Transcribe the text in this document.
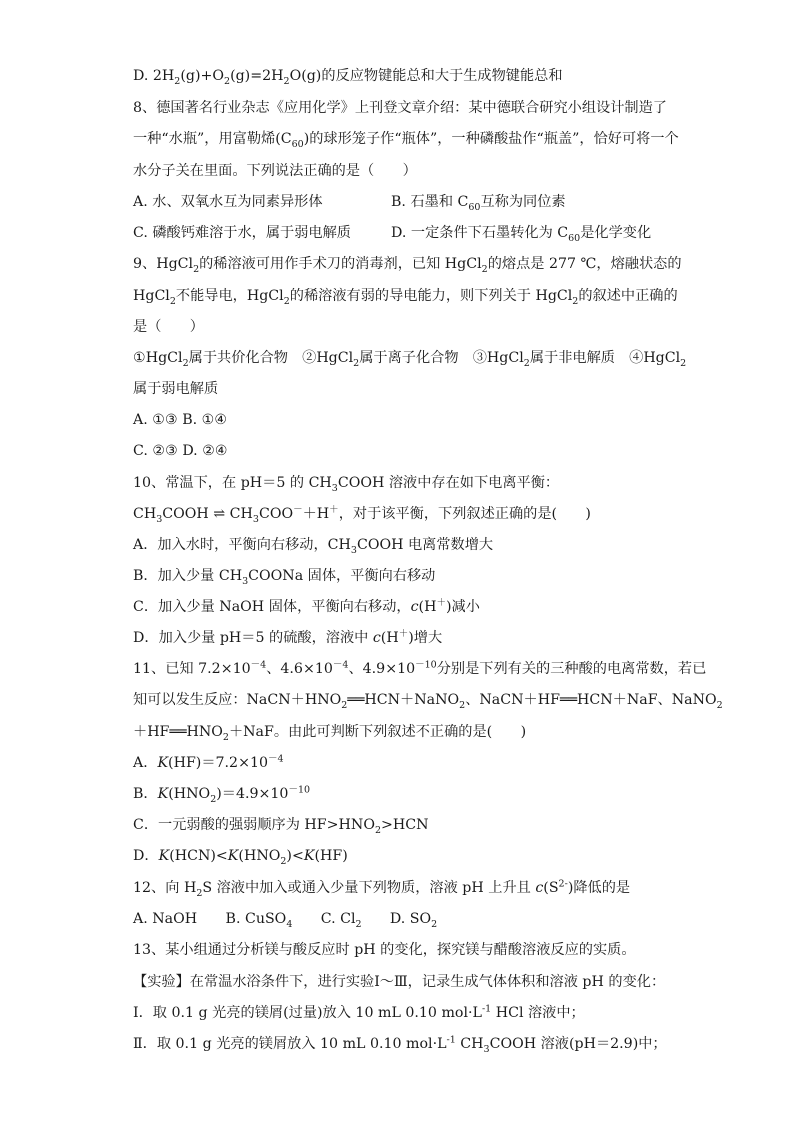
D. $2H_2(g)+O_2(g)=2H_2O(g)$的反应物键能总和大于生成物键能总和
8、德国著名行业杂志《应用化学》上刊登文章介绍：某中德联合研究小组设计制造了
一种“水瓶”，用富勒烯$(C_{60})$的球形笼子作“瓶体”，一种磷酸盐作“瓶盖”，恰好可将一个
水分子关在里面。下列说法正确的是（　　）
9、HgCl$_2$的稀溶液可用作手术刀的消毒剂，已知 HgCl$_2$的熔点是 277 ℃，熔融状态的
HgCl$_2$不能导电，HgCl$_2$的稀溶液有弱的导电能力，则下列关于 HgCl$_2$的叙述中正确的
是（　　）
①HgCl$_2$属于共价化合物　②HgCl$_2$属于离子化合物　③HgCl$_2$属于非电解质　④HgCl$_2$
属于弱电解质
A. ①③ B. ①④
C. ②③ D. ②④
10、常温下，在 pH＝5 的 $CH_3COOH$ 溶液中存在如下电离平衡：
$CH_3COOH$ ⇌ $CH_3COO^-+H^+$，对于该平衡，下列叙述正确的是(　　)
A．加入水时，平衡向右移动，$CH_3COOH$ 电离常数增大
B．加入少量 $CH_3COONa$ 固体，平衡向右移动
C．加入少量 NaOH 固体，平衡向右移动，c(H＋)减小
D．加入少量 pH＝5 的硫酸，溶液中 c(H＋)增大
11、已知 $7.2\times 10^{-4}$、$4.6\times 10^{-4}$、$4.9\times 10^{-10}$分别是下列有关的三种酸的电离常数，若已
知可以发生反应：$NaCN+HNO_2══HCN+NaNO_2$、NaCN＋HF══HCN＋NaF、NaNO$_2$
$+HF══HNO_2+NaF$。由此可判断下列叙述不正确的是(　　)
A．$K(HF)=7.2\times 10^{-4}$
B．$K(HNO_2)=4.9\times 10^{-10}$
C．一元弱酸的强弱顺序为 $HF>HNO_2>HCN$
D．$K(HCN)<K(HNO_2)<K(HF)$
12、向 $H_2S$ 溶液中加入或通入少量下列物质，溶液 pH 上升且 $c(S^{2-})$降低的是
A. NaOH　　B. CuSO$_4$　　C. $Cl_2$　　D. $SO_2$
13、某小组通过分析镁与酸反应时 pH 的变化，探究镁与醋酸溶液反应的实质。
【实验】在常温水浴条件下，进行实验Ⅰ～Ⅲ，记录生成气体体积和溶液 pH 的变化：
Ⅰ．取 0.1 g 光亮的镁屑(过量)放入 10 mL 0.10 $mol\cdot L^{-1}$ HCl 溶液中；
Ⅱ．取 0.1 g 光亮的镁屑放入 10 mL 0.10 $mol\cdot L^{-1}$ $CH_3COOH$ 溶液(pH＝2.9)中；
A. 水、双氧水互为同素异形体	B. 石墨和 $C_{60}$互称为同位素
C. 磷酸钙难溶于水，属于弱电解质	D. 一定条件下石墨转化为 $C_{60}$是化学变化
